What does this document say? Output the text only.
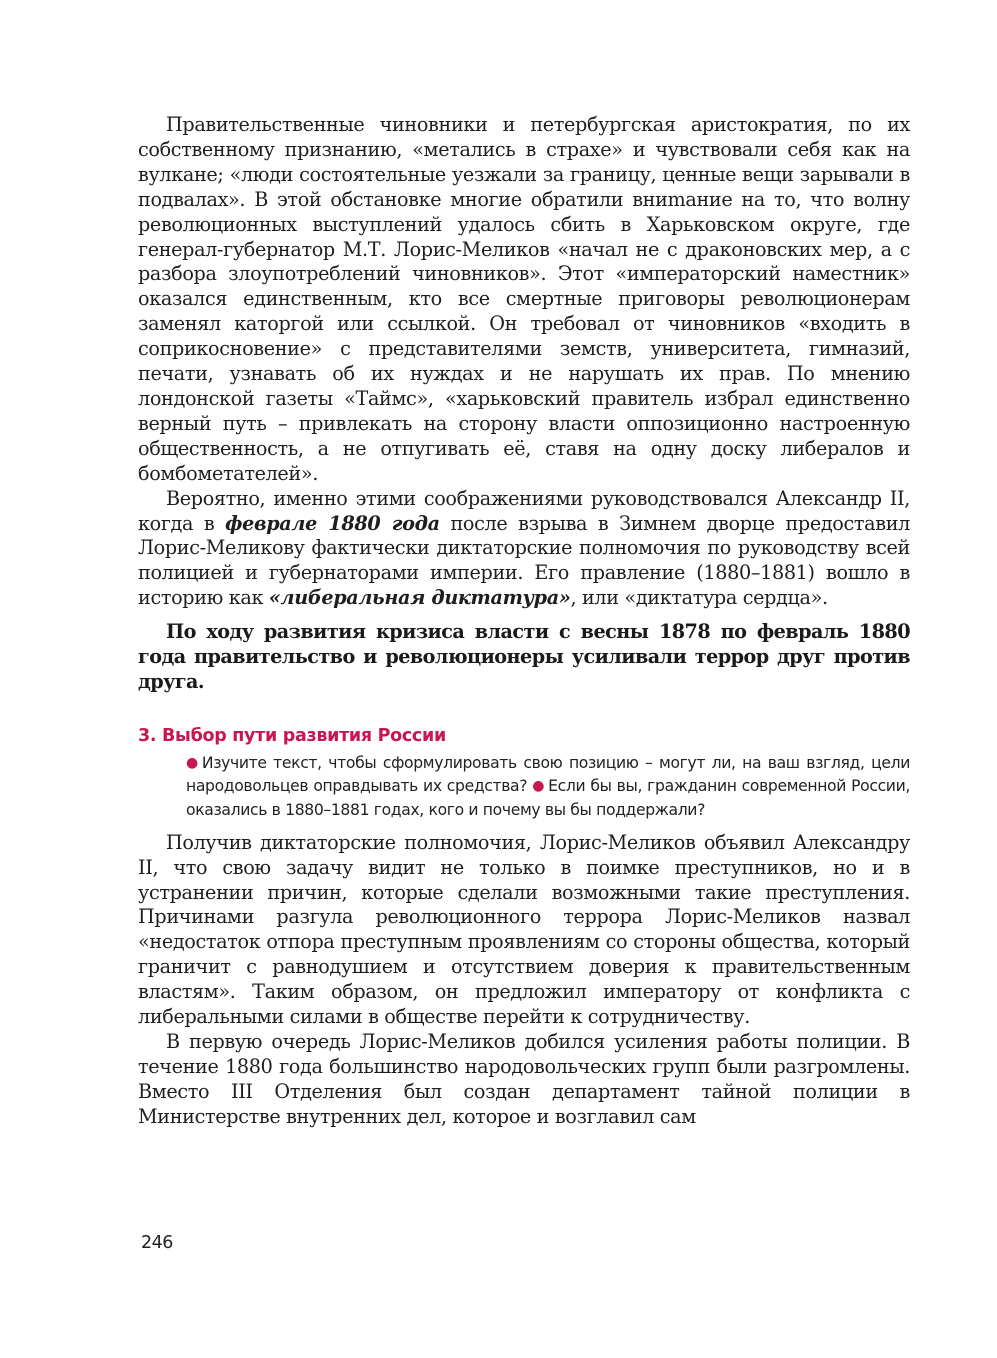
Правительственные чиновники и петербургская аристократия, по их собственному признанию, «метались в страхе» и чувствовали себя как на вулкане; «люди состоятельные уезжали за границу, ценные вещи зарывали в подвалах». В этой обстановке многие обратили вниmание на то, что волну революционных выступлений удалось сбить в Харьковском округе, где генерал-губернатор М.Т. Лорис-Меликов «начал не с драконовских мер, а с разбора злоупотреблений чиновников». Этот «императорский наместник» оказался единственным, кто все смертные приговоры революционерам заменял каторгой или ссылкой. Он требовал от чиновников «входить в соприкосновение» с представителями земств, университета, гимназий, печати, узнавать об их нуждах и не нарушать их прав. По мнению лондонской газеты «Таймс», «харьковский правитель избрал единственно верный путь – привлекать на сторону власти оппозиционно настроенную общественность, а не отпугивать её, ставя на одну доску либералов и бомбометателей».

Вероятно, именно этими соображениями руководствовался Александр II, когда в феврале 1880 года после взрыва в Зимнем дворце предоставил Лорис-Меликову фактически диктаторские полномочия по руководству всей полицией и губернаторами империи. Его правление (1880–1881) вошло в историю как «либеральная диктатура», или «диктатура сердца».

По ходу развития кризиса власти с весны 1878 по февраль 1880 года правительство и революционеры усиливали террор друг против друга.

3. Выбор пути развития России
● Изучите текст, чтобы сформулировать свою позицию – могут ли, на ваш взгляд, цели народовольцев оправдывать их средства? ● Если бы вы, гражданин современной России, оказались в 1880–1881 годах, кого и почему вы бы поддержали?

Получив диктаторские полномочия, Лорис-Меликов объявил Александру II, что свою задачу видит не только в поимке преступников, но и в устранении причин, которые сделали возможными такие преступления. Причинами разгула революционного террора Лорис-Меликов назвал «недостаток отпора преступным проявлениям со стороны общества, который граничит с равнодушием и отсутствием доверия к правительственным властям». Таким образом, он предложил императору от конфликта с либеральными силами в обществе перейти к сотрудничеству.

В первую очередь Лорис-Меликов добился усиления работы полиции. В течение 1880 года большинство народовольческих групп были разгромлены. Вместо III Отделения был создан департамент тайной полиции в Министерстве внутренних дел, которое и возглавил сам

246
